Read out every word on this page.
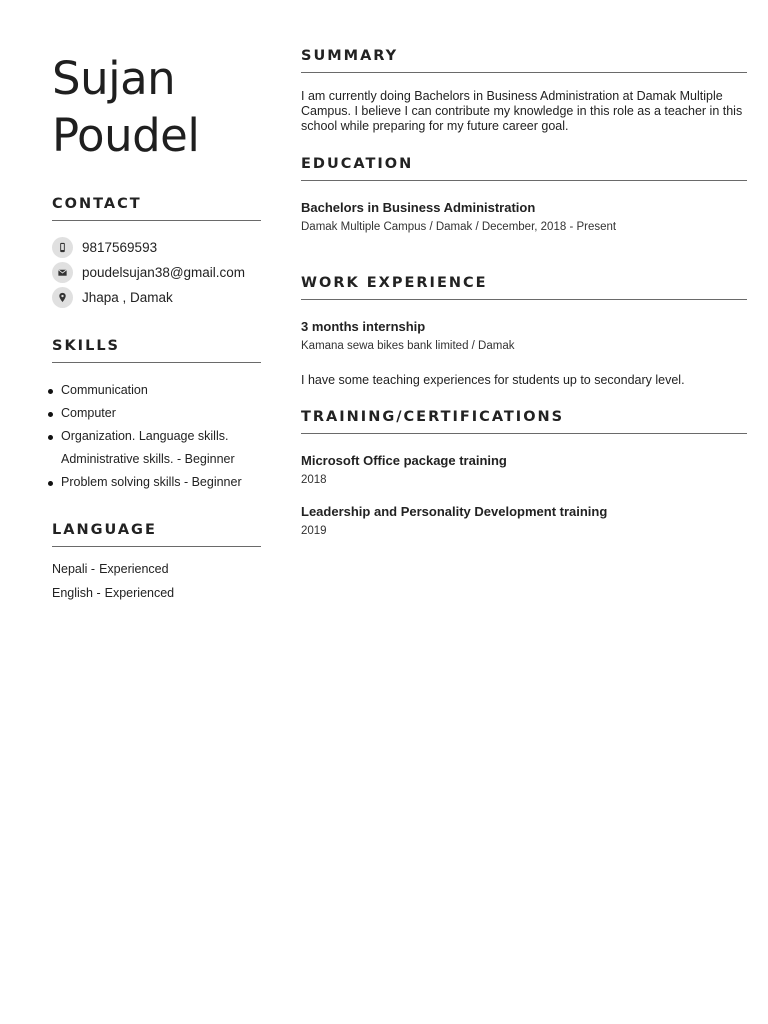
Sujan
Poudel
CONTACT
9817569593
poudelsujan38@gmail.com
Jhapa , Damak
SKILLS
Communication
Computer
Organization. Language skills.
Administrative skills. - Beginner
Problem solving skills - Beginner
LANGUAGE
Nepali - Experienced
English - Experienced
SUMMARY

I am currently doing Bachelors in Business Administration at Damak Multiple Campus. I believe I can contribute my knowledge in this role as a teacher in this school while preparing for my future career goal.

EDUCATION

Bachelors in Business Administration

Damak Multiple Campus / Damak / December, 2018 - Present

WORK EXPERIENCE

3 months internship

Kamana sewa bikes bank limited / Damak

I have some teaching experiences for students up to secondary level.

TRAINING/CERTIFICATIONS

Microsoft Office package training

2018

Leadership and Personality Development training

2019
